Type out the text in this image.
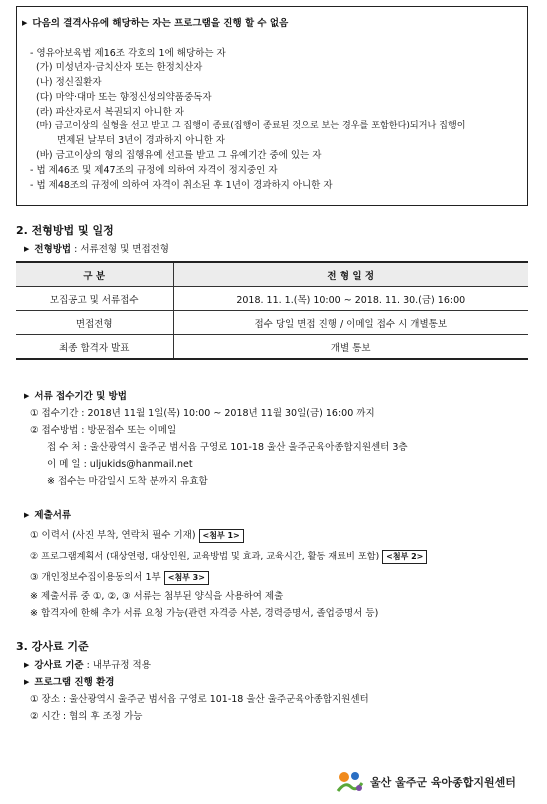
▶ 다음의 결격사유에 해당하는 자는 프로그램을 진행 할 수 없음
- 영유아보육법 제16조 각호의 1에 해당하는 자
(가) 미성년자·금치산자 또는 한정치산자
(나) 정신질환자
(다) 마약·대마 또는 향정신성의약품중독자
(라) 파산자로서 복권되지 아니한 자
(마) 금고이상의 실형을 선고 받고 그 집행이 종료(집행이 종료된 것으로 보는 경우를 포함한다)되거나 집행이
면제된 날부터 3년이 경과하지 아니한 자
(바) 금고이상의 형의 집행유예 선고를 받고 그 유예기간 중에 있는 자
- 법 제46조 및 제47조의 규정에 의하여 자격이 정지중인 자
- 법 제48조의 규정에 의하여 자격이 취소된 후 1년이 경과하지 아니한 자
2. 전형방법 및 일정
▶ 전형방법 : 서류전형 및 면접전형
구 분	전 형 일 정
모집공고 및 서류접수	2018. 11. 1.(목) 10:00 ~ 2018. 11. 30.(금) 16:00
면접전형	접수 당일 면접 진행 / 이메일 접수 시 개별통보
최종 합격자 발표	개별 통보
▶ 서류 접수기간 및 방법
① 접수기간 : 2018년 11월 1일(목) 10:00 ~ 2018년 11월 30일(금) 16:00 까지
② 접수방법 : 방문접수 또는 이메일
접 수 처 : 울산광역시 울주군 범서읍 구영로 101-18 울산 울주군육아종합지원센터 3층
이 메 일 : uljukids@hanmail.net
※ 접수는 마감일시 도착 분까지 유효함
▶ 제출서류
① 이력서 (사진 부착, 연락처 필수 기재) <첨부 1>
② 프로그램계획서 (대상연령, 대상인원, 교육방법 및 효과, 교육시간, 활동 재료비 포함) <첨부 2>
③ 개인정보수집이용동의서 1부 <첨부 3>
※ 제출서류 중 ①, ②, ③ 서류는 첨부된 양식을 사용하여 제출
※ 합격자에 한해 추가 서류 요청 가능(관련 자격증 사본, 경력증명서, 졸업증명서 등)
3. 강사료 기준
▶ 강사료 기준 : 내부규정 적용
▶ 프로그램 진행 환경
① 장소 : 울산광역시 울주군 범서읍 구영로 101-18 울산 울주군육아종합지원센터
② 시간 : 협의 후 조정 가능
울산 울주군 육아종합지원센터
